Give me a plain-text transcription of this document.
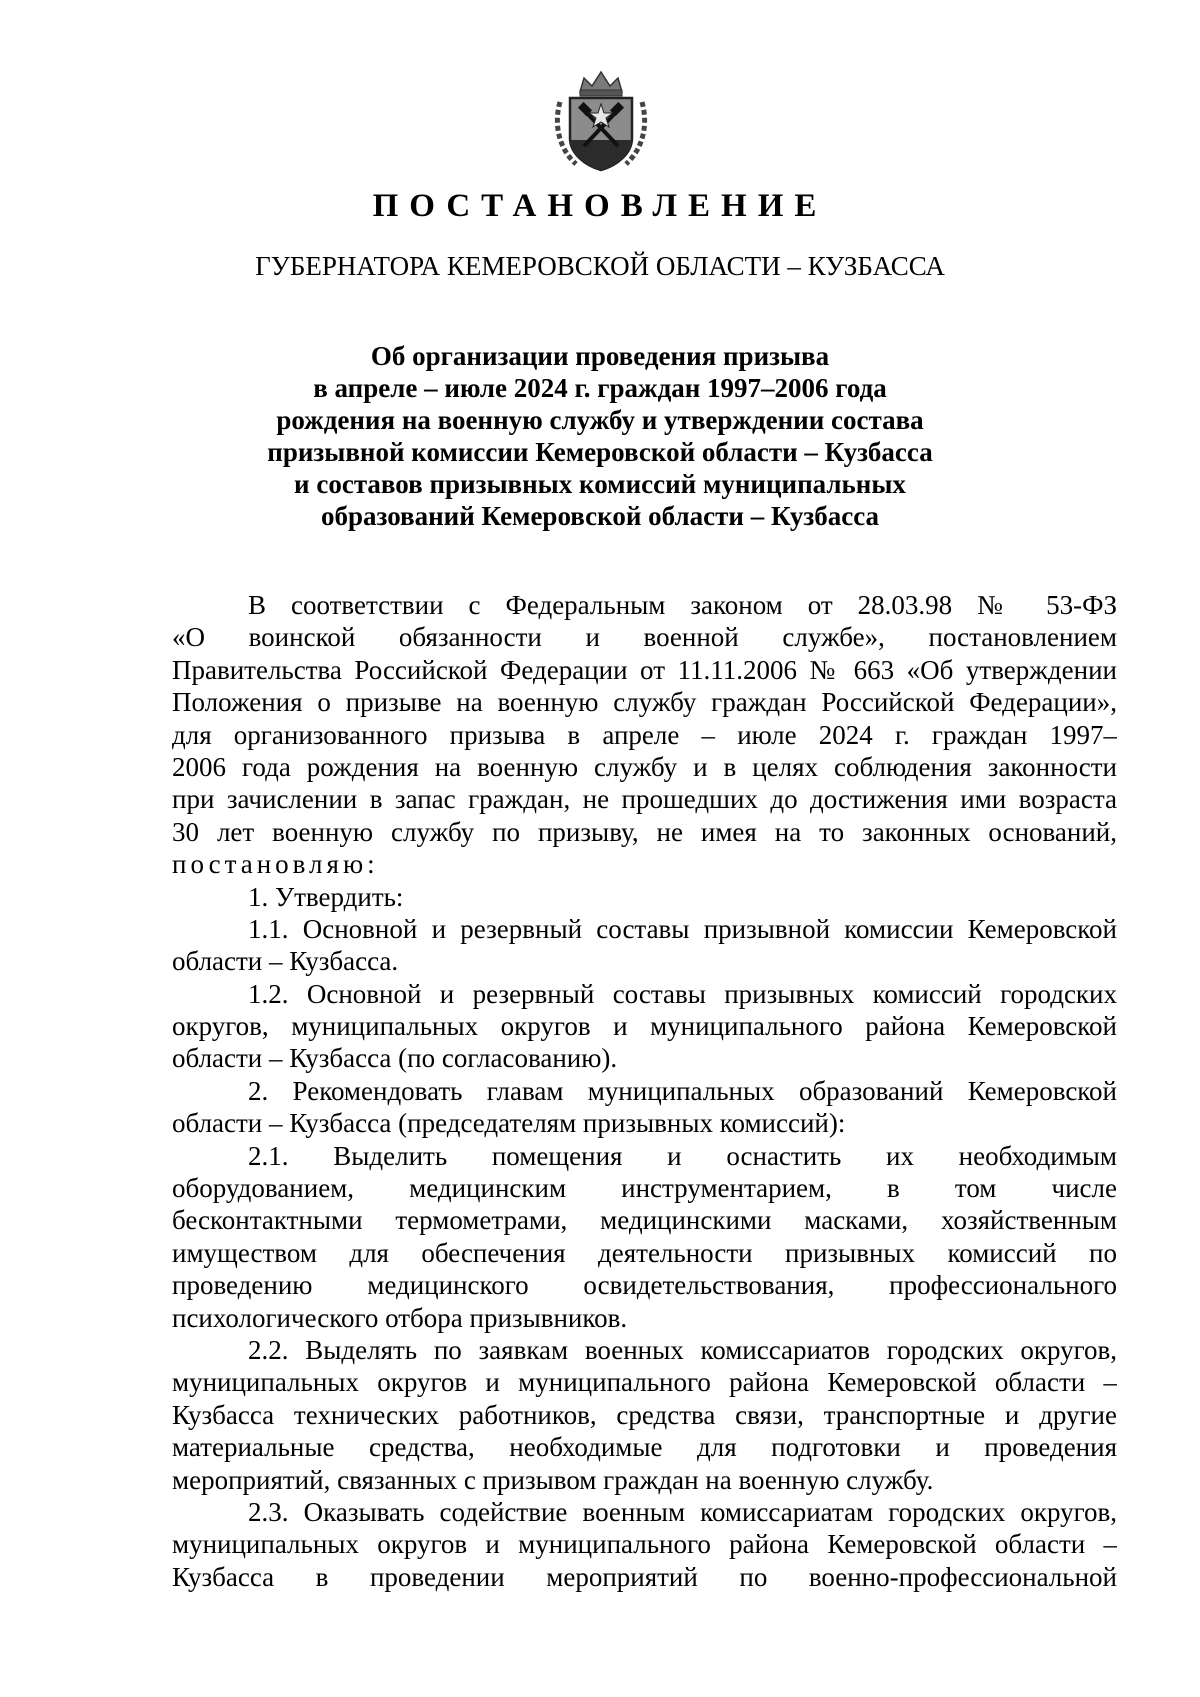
ПОСТАНОВЛЕНИЕ
ГУБЕРНАТОРА КЕМЕРОВСКОЙ ОБЛАСТИ – КУЗБАССА
Об организации проведения призыва
в апреле – июле 2024 г. граждан 1997–2006 года
рождения на военную службу и утверждении состава
призывной комиссии Кемеровской области – Кузбасса
и составов призывных комиссий муниципальных
образований Кемеровской области – Кузбасса
В соответствии с Федеральным законом от 28.03.98 № 53-ФЗ
«О воинской обязанности и военной службе», постановлением
Правительства Российской Федерации от 11.11.2006 № 663 «Об утверждении
Положения о призыве на военную службу граждан Российской Федерации»,
для организованного призыва в апреле – июле 2024 г. граждан 1997–
2006 года рождения на военную службу и в целях соблюдения законности
при зачислении в запас граждан, не прошедших до достижения ими возраста
30 лет военную службу по призыву, не имея на то законных оснований,
постановляю:
1. Утвердить:
1.1. Основной и резервный составы призывной комиссии Кемеровской
области – Кузбасса.
1.2. Основной и резервный составы призывных комиссий городских
округов, муниципальных округов и муниципального района Кемеровской
области – Кузбасса (по согласованию).
2. Рекомендовать главам муниципальных образований Кемеровской
области – Кузбасса (председателям призывных комиссий):
2.1. Выделить помещения и оснастить их необходимым
оборудованием, медицинским инструментарием, в том числе
бесконтактными термометрами, медицинскими масками, хозяйственным
имуществом для обеспечения деятельности призывных комиссий по
проведению медицинского освидетельствования, профессионального
психологического отбора призывников.
2.2. Выделять по заявкам военных комиссариатов городских округов,
муниципальных округов и муниципального района Кемеровской области –
Кузбасса технических работников, средства связи, транспортные и другие
материальные средства, необходимые для подготовки и проведения
мероприятий, связанных с призывом граждан на военную службу.
2.3. Оказывать содействие военным комиссариатам городских округов,
муниципальных округов и муниципального района Кемеровской области –
Кузбасса в проведении мероприятий по военно-профессиональной
